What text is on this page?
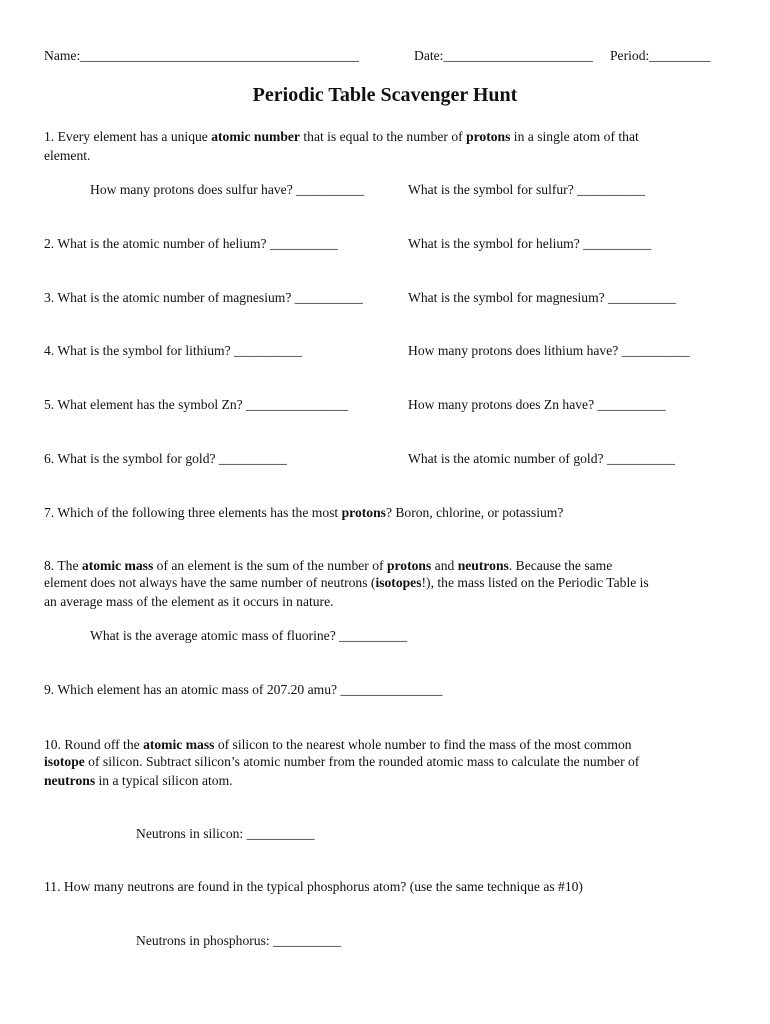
Name:_________________________________________	Date:______________________ Period:_________
Periodic Table Scavenger Hunt
1. Every element has a unique atomic number that is equal to the number of protons in a single atom of that
element.
How many protons does sulfur have? __________	What is the symbol for sulfur? __________
2. What is the atomic number of helium? __________	What is the symbol for helium? __________
3. What is the atomic number of magnesium? __________	What is the symbol for magnesium? __________
4. What is the symbol for lithium? __________	How many protons does lithium have? __________
5. What element has the symbol Zn? _______________	How many protons does Zn have? __________
6. What is the symbol for gold? __________	What is the atomic number of gold? __________
7. Which of the following three elements has the most protons? Boron, chlorine, or potassium?
8. The atomic mass of an element is the sum of the number of protons and neutrons. Because the same
element does not always have the same number of neutrons (isotopes!), the mass listed on the Periodic Table is
an average mass of the element as it occurs in nature.
What is the average atomic mass of fluorine? __________
9. Which element has an atomic mass of 207.20 amu? _______________
10. Round off the atomic mass of silicon to the nearest whole number to find the mass of the most common
isotope of silicon. Subtract silicon’s atomic number from the rounded atomic mass to calculate the number of
neutrons in a typical silicon atom.
Neutrons in silicon: __________
11. How many neutrons are found in the typical phosphorus atom? (use the same technique as #10)
Neutrons in phosphorus: __________
